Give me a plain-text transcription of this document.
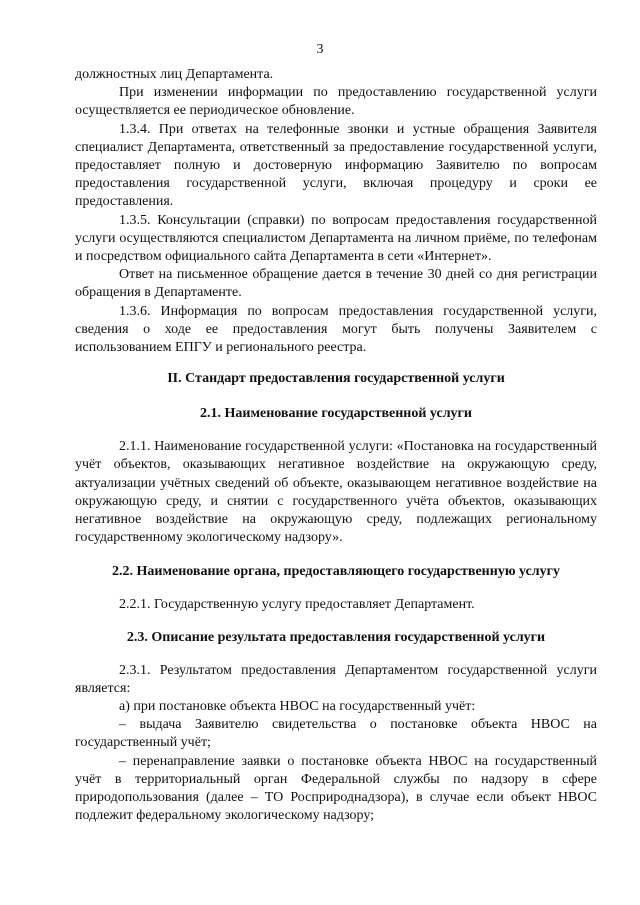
3

должностных лиц Департамента.

При изменении информации по предоставлению государственной услуги осуществляется ее периодическое обновление.

1.3.4. При ответах на телефонные звонки и устные обращения Заявителя специалист Департамента, ответственный за предоставление государственной услуги, предоставляет полную и достоверную информацию Заявителю по вопросам предоставления государственной услуги, включая процедуру и сроки ее предоставления.

1.3.5. Консультации (справки) по вопросам предоставления государственной услуги осуществляются специалистом Департамента на личном приёме, по телефонам и посредством официального сайта Департамента в сети «Интернет».

Ответ на письменное обращение дается в течение 30 дней со дня регистрации обращения в Департаменте.

1.3.6. Информация по вопросам предоставления государственной услуги, сведения о ходе ее предоставления могут быть получены Заявителем с использованием ЕПГУ и регионального реестра.

II. Стандарт предоставления государственной услуги
2.1. Наименование государственной услуги

2.1.1. Наименование государственной услуги: «Постановка на государственный учёт объектов, оказывающих негативное воздействие на окружающую среду, актуализации учётных сведений об объекте, оказывающем негативное воздействие на окружающую среду, и снятии с государственного учёта объектов, оказывающих негативное воздействие на окружающую среду, подлежащих региональному государственному экологическому надзору».

2.2. Наименование органа, предоставляющего государственную услугу

2.2.1. Государственную услугу предоставляет Департамент.

2.3. Описание результата предоставления государственной услуги

2.3.1. Результатом предоставления Департаментом государственной услуги является:

а) при постановке объекта НВОС на государственный учёт:

– выдача Заявителю свидетельства о постановке объекта НВОС на государственный учёт;

– перенаправление заявки о постановке объекта НВОС на государственный учёт в территориальный орган Федеральной службы по надзору в сфере природопользования (далее – ТО Росприроднадзора), в случае если объект НВОС подлежит федеральному экологическому надзору;
